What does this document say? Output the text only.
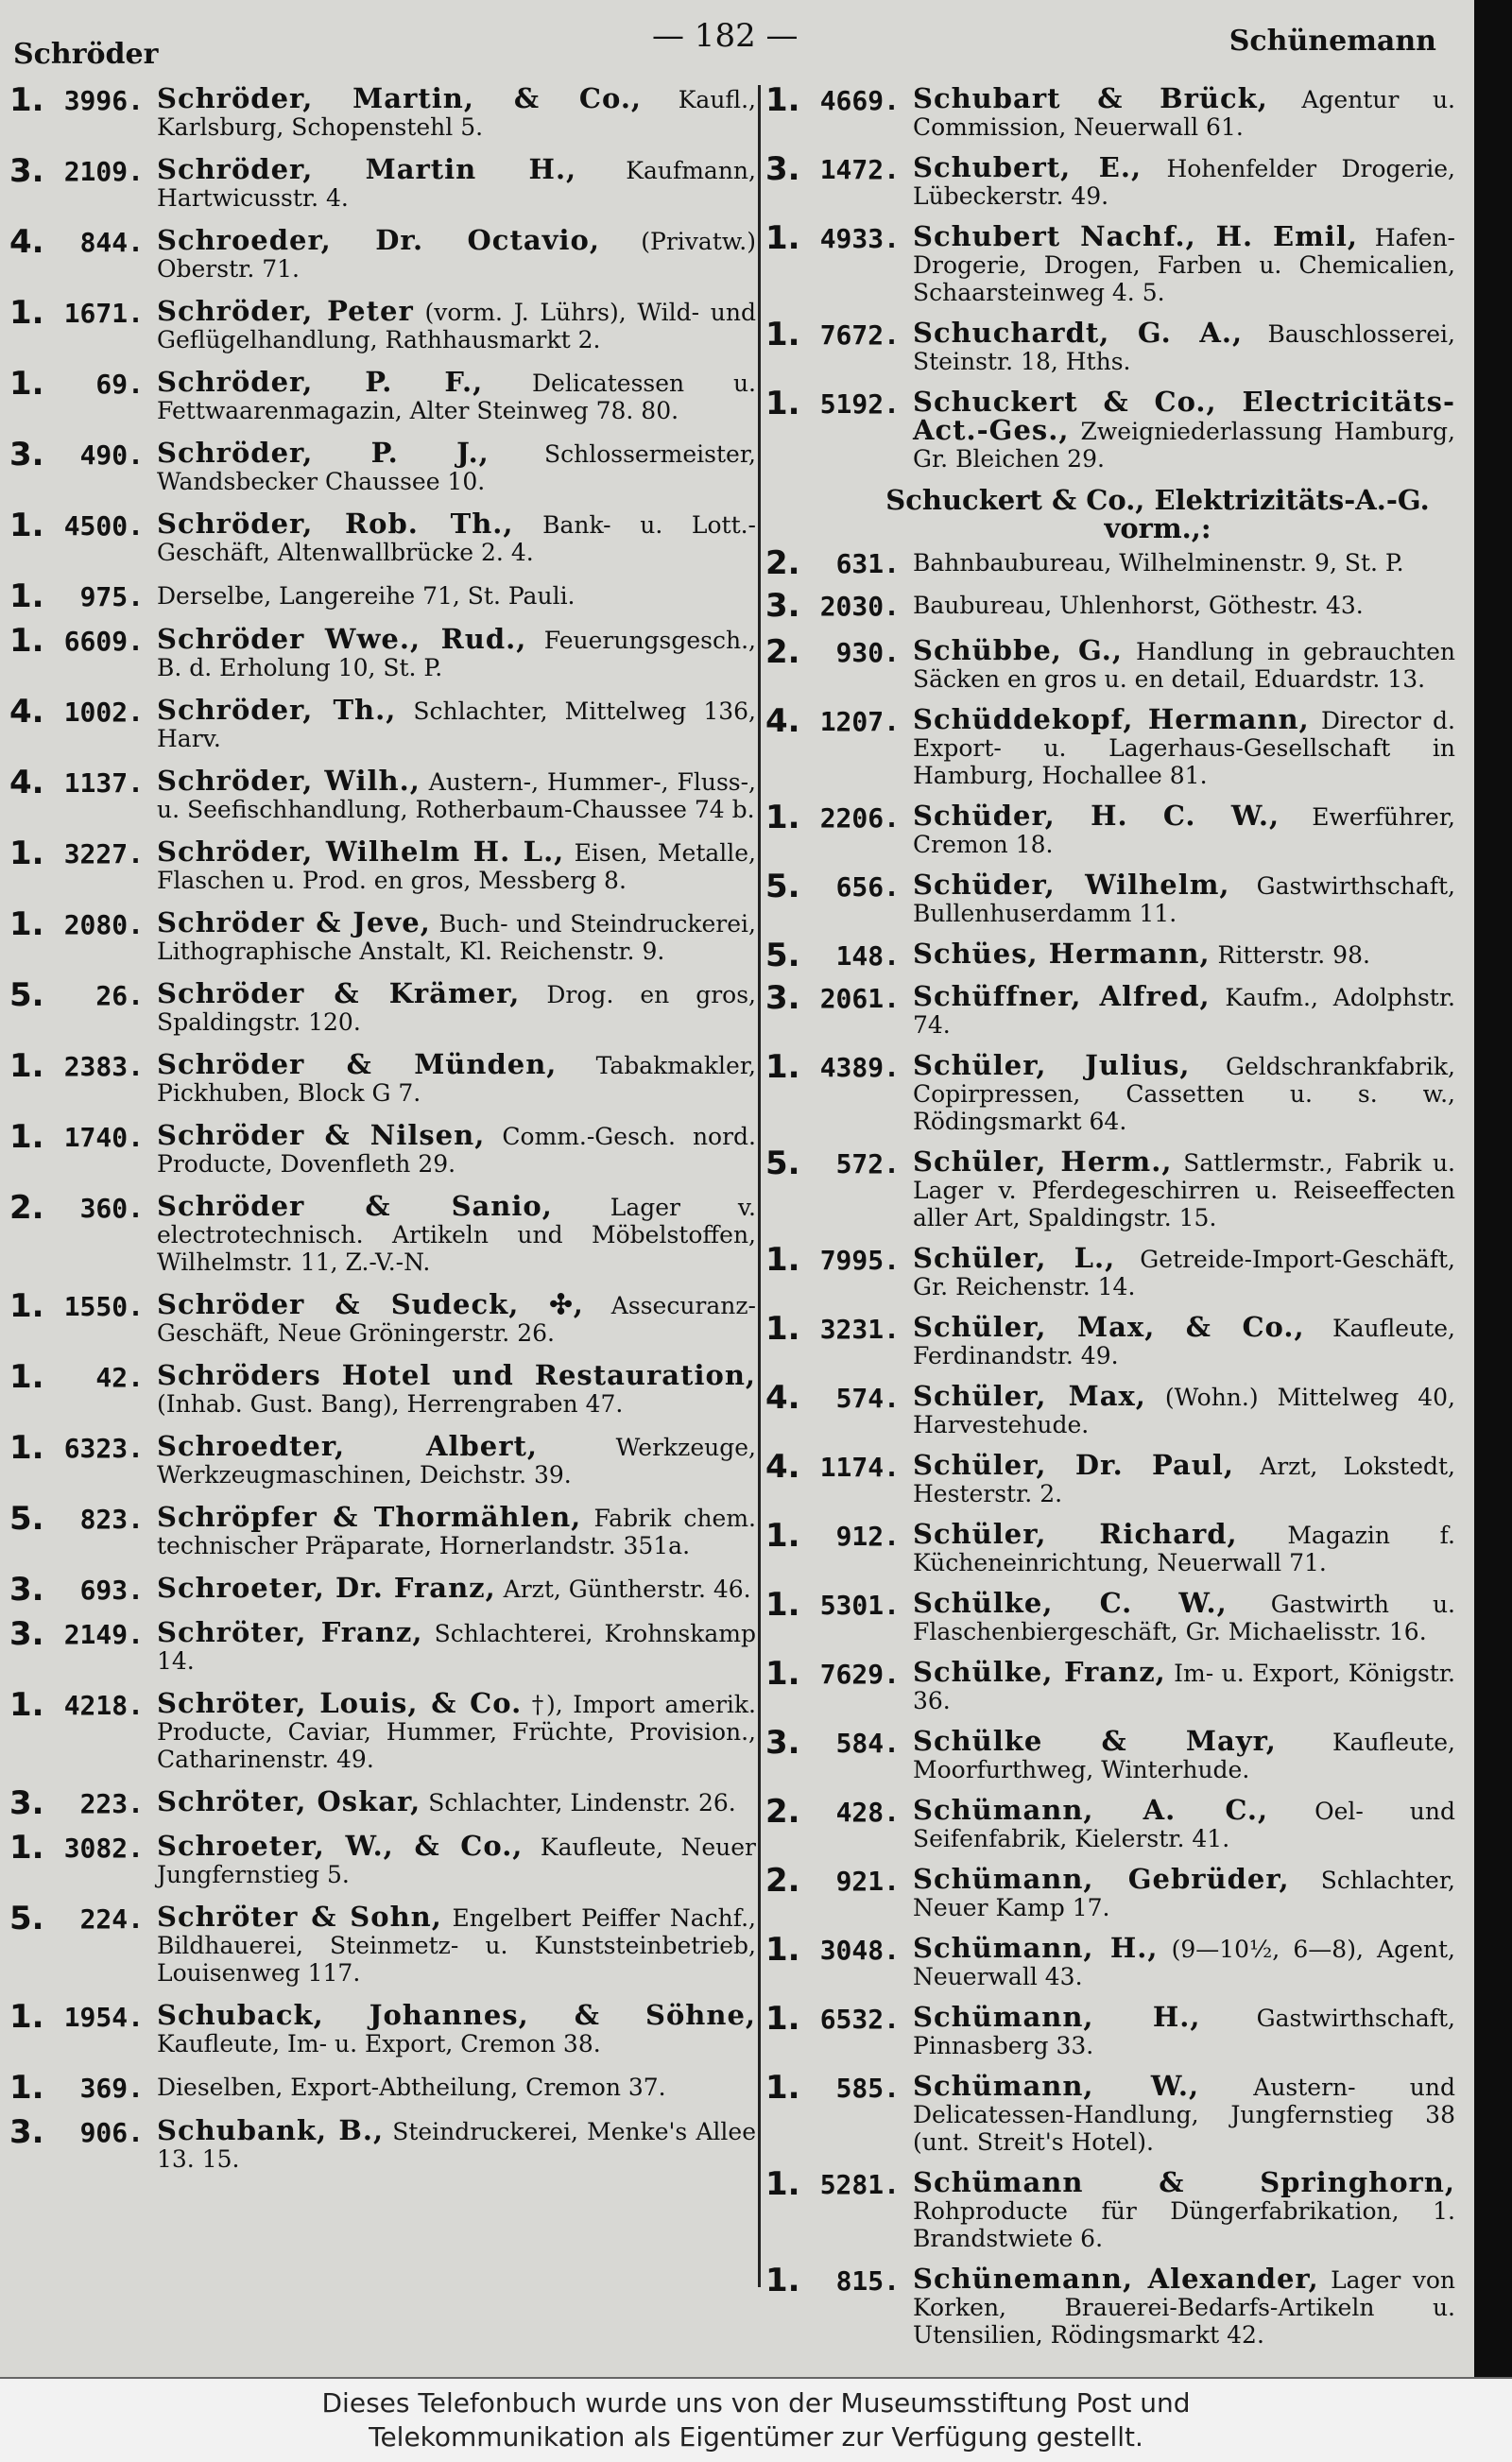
Schröder	— 182 —	Schünemann
1. 3996. Schröder, Martin, & Co., Kaufl., Karlsburg, Schopenstehl 5.
3. 2109. Schröder, Martin H., Kaufmann, Hartwicusstr. 4.
4.	844. Schroeder, Dr. Octavio, (Privatw.) Oberstr. 71.
1. 1671. Schröder, Peter (vorm. J. Lührs), Wild- und Geflügelhandlung, Rathhausmarkt 2.
1.	69. Schröder, P. F., Delicatessen u. Fettwaarenmagazin, Alter Steinweg 78. 80.
3.	490. Schröder, P. J., Schlossermeister, Wandsbecker Chaussee 10.
1. 4500. Schröder, Rob. Th., Bank- u. Lott.-Geschäft, Altenwallbrücke 2. 4.
1.	975. Derselbe, Langereihe 71, St. Pauli.
1. 6609. Schröder Wwe., Rud., Feuerungsgesch., B. d. Erholung 10, St. P.
4. 1002. Schröder, Th., Schlachter, Mittelweg 136, Harv.
4. 1137. Schröder, Wilh., Austern-, Hummer-, Fluss-, u. Seefischhandlung, Rotherbaum-Chaussee 74 b.
1. 3227. Schröder, Wilhelm H. L., Eisen, Metalle, Flaschen u. Prod. en gros, Messberg 8.
1. 2080. Schröder & Jeve, Buch- und Steindruckerei, Lithographische Anstalt, Kl. Reichenstr. 9.
5.	26. Schröder & Krämer, Drog. en gros, Spaldingstr. 120.
1. 2383. Schröder & Münden, Tabakmakler, Pickhuben, Block G 7.
1. 1740. Schröder & Nilsen, Comm.-Gesch. nord. Producte, Dovenfleth 29.
2.	360. Schröder & Sanio, Lager v. electrotechnisch. Artikeln und Möbelstoffen, Wilhelmstr. 11, Z.-V.-N.
1. 1550. Schröder & Sudeck, ✣, Assecuranz-Geschäft, Neue Gröningerstr. 26.
1.	42. Schröders Hotel und Restauration, (Inhab. Gust. Bang), Herrengraben 47.
1. 6323. Schroedter, Albert, Werkzeuge, Werkzeugmaschinen, Deichstr. 39.
5.	823. Schröpfer & Thormählen, Fabrik chem. technischer Präparate, Hornerlandstr. 351a.
3.	693. Schroeter, Dr. Franz, Arzt, Güntherstr. 46.
3. 2149. Schröter, Franz, Schlachterei, Krohnskamp 14.
1. 4218. Schröter, Louis, & Co. †), Import amerik. Producte, Caviar, Hummer, Früchte, Provision., Catharinenstr. 49.
3.	223. Schröter, Oskar, Schlachter, Lindenstr. 26.
1. 3082. Schroeter, W., & Co., Kaufleute, Neuer Jungfernstieg 5.
5.	224. Schröter & Sohn, Engelbert Peiffer Nachf., Bildhauerei, Steinmetz- u. Kunststeinbetrieb, Louisenweg 117.
1. 1954. Schuback, Johannes, & Söhne, Kaufleute, Im- u. Export, Cremon 38.
1.	369. Dieselben, Export-Abtheilung, Cremon 37.
3.	906. Schubank, B., Steindruckerei, Menke's Allee 13. 15.
1. 4669. Schubart & Brück, Agentur u. Commission, Neuerwall 61.
3. 1472. Schubert, E., Hohenfelder Drogerie, Lübeckerstr. 49.
1. 4933. Schubert Nachf., H. Emil, Hafen-Drogerie, Drogen, Farben u. Chemicalien, Schaarsteinweg 4. 5.
1. 7672. Schuchardt, G. A., Bauschlosserei, Steinstr. 18, Hths.
1. 5192. Schuckert & Co., Electricitäts-Act.-Ges., Zweigniederlassung Hamburg, Gr. Bleichen 29.
Schuckert & Co., Elektrizitäts-A.-G. vorm.,:
2.	631. Bahnbaubureau, Wilhelminenstr. 9, St. P.
3. 2030. Baubureau, Uhlenhorst, Göthestr. 43.
2.	930. Schübbe, G., Handlung in gebrauchten Säcken en gros u. en detail, Eduardstr. 13.
4. 1207. Schüddekopf, Hermann, Director d. Export- u. Lagerhaus-Gesellschaft in Hamburg, Hochallee 81.
1. 2206. Schüder, H. C. W., Ewerführer, Cremon 18.
5.	656. Schüder, Wilhelm, Gastwirthschaft, Bullenhuserdamm 11.
5.	148. Schües, Hermann, Ritterstr. 98.
3. 2061. Schüffner, Alfred, Kaufm., Adolphstr. 74.
1. 4389. Schüler, Julius, Geldschrankfabrik, Copirpressen, Cassetten u. s. w., Rödingsmarkt 64.
5.	572. Schüler, Herm., Sattlermstr., Fabrik u. Lager v. Pferdegeschirren u. Reiseeffecten aller Art, Spaldingstr. 15.
1. 7995. Schüler, L., Getreide-Import-Geschäft, Gr. Reichenstr. 14.
1. 3231. Schüler, Max, & Co., Kaufleute, Ferdinandstr. 49.
4.	574. Schüler, Max, (Wohn.) Mittelweg 40, Harvestehude.
4. 1174. Schüler, Dr. Paul, Arzt, Lokstedt, Hesterstr. 2.
1.	912. Schüler, Richard, Magazin f. Kücheneinrichtung, Neuerwall 71.
1. 5301. Schülke, C. W., Gastwirth u. Flaschenbiergeschäft, Gr. Michaelisstr. 16.
1. 7629. Schülke, Franz, Im- u. Export, Königstr. 36.
3.	584. Schülke & Mayr, Kaufleute, Moorfurthweg, Winterhude.
2.	428. Schümann, A. C., Oel- und Seifenfabrik, Kielerstr. 41.
2.	921. Schümann, Gebrüder, Schlachter, Neuer Kamp 17.
1. 3048. Schümann, H., (9—10½, 6—8), Agent, Neuerwall 43.
1. 6532. Schümann, H., Gastwirthschaft, Pinnasberg 33.
1.	585. Schümann, W., Austern- und Delicatessen-Handlung, Jungfernstieg 38 (unt. Streit's Hotel).
1. 5281. Schümann & Springhorn, Rohproducte für Düngerfabrikation, 1. Brandstwiete 6.
1.	815. Schünemann, Alexander, Lager von Korken, Brauerei-Bedarfs-Artikeln u. Utensilien, Rödingsmarkt 42.
Dieses Telefonbuch wurde uns von der Museumsstiftung Post und
Telekommunikation als Eigentümer zur Verfügung gestellt.
